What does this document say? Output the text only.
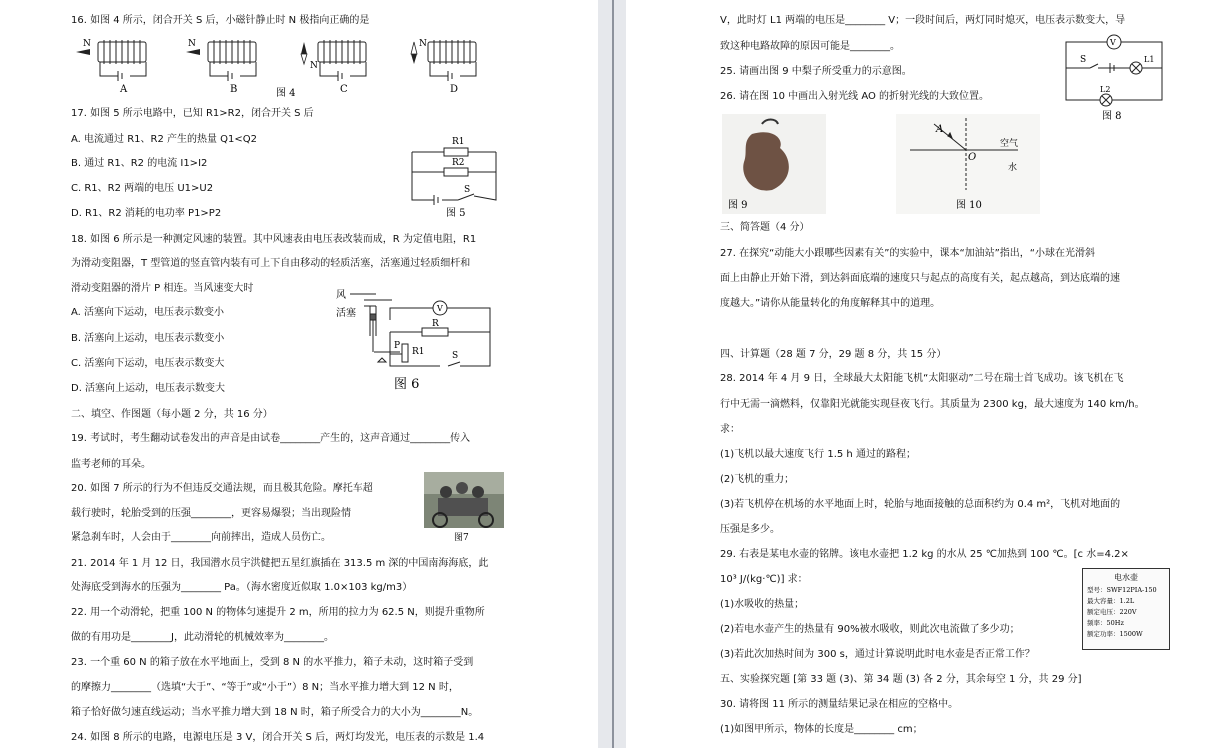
16. 如图 4 所示，闭合开关 S 后，小磁针静止时 N 极指向正确的是
N	N
N
N
A	B	C	D
图 4
17. 如图 5 所示电路中，已知 R1>R2，闭合开关 S 后
A. 电流通过 R1、R2 产生的热量 Q1<Q2
B. 通过 R1、R2 的电流 I1>I2
C. R1、R2 两端的电压 U1>U2
D. R1、R2 消耗的电功率 P1>P2
R1
R2
S
图 5
18. 如图 6 所示是一种测定风速的装置。其中风速表由电压表改装而成，R 为定值电阻，R1
为滑动变阻器，T 型管道的竖直管内装有可上下自由移动的轻质活塞，活塞通过轻质细杆和
滑动变阻器的滑片 P 相连。当风速变大时
A. 活塞向下运动，电压表示数变小
B. 活塞向上运动，电压表示数变小
C. 活塞向下运动，电压表示数变大
D. 活塞向上运动，电压表示数变大
风
活塞	V
R
R1
P
S
图 6
二、填空、作图题（每小题 2 分，共 16 分）
19. 考试时，考生翻动试卷发出的声音是由试卷________产生的，这声音通过________传入
监考老师的耳朵。
20. 如图 7 所示的行为不但违反交通法规，而且极其危险。摩托车超
载行驶时，轮胎受到的压强________，更容易爆裂；当出现险情
紧急刹车时，人会由于________向前摔出，造成人员伤亡。	图7
21. 2014 年 1 月 12 日，我国潜水员宇洪健把五星红旗插在 313.5 m 深的中国南海海底，此
处海底受到海水的压强为________ Pa。（海水密度近似取 1.0×103 kg/m3）
22. 用一个动滑轮，把重 100 N 的物体匀速提升 2 m，所用的拉力为 62.5 N，则提升重物所
做的有用功是________J，此动滑轮的机械效率为________。
23. 一个重 60 N 的箱子放在水平地面上，受到 8 N 的水平推力，箱子未动，这时箱子受到
的摩擦力________（选填“大于”、“等于”或“小于”）8 N；当水平推力增大到 12 N 时，
箱子恰好做匀速直线运动；当水平推力增大到 18 N 时，箱子所受合力的大小为________N。
24. 如图 8 所示的电路，电源电压是 3 V，闭合开关 S 后，两灯均发光，电压表的示数是 1.4
V，此时灯 L1 两端的电压是________ V；一段时间后，两灯同时熄灭，电压表示数变大，导
致这种电路故障的原因可能是________。
25. 请画出图 9 中梨子所受重力的示意图。
26. 请在图 10 中画出入射光线 AO 的折射光线的大致位置。
V
S	L1
L2
图 8
图 9
A
O
空气
水
图 10
三、简答题（4 分）
27. 在探究“动能大小跟哪些因素有关”的实验中，课本“加油站”指出，“小球在光滑斜
面上由静止开始下滑，到达斜面底端的速度只与起点的高度有关，起点越高，到达底端的速
度越大。”请你从能量转化的角度解释其中的道理。
四、计算题（28 题 7 分，29 题 8 分，共 15 分）
28. 2014 年 4 月 9 日，全球最大太阳能飞机“太阳驱动”二号在瑞士首飞成功。该飞机在飞
行中无需一滴燃料，仅靠阳光就能实现昼夜飞行。其质量为 2300 kg，最大速度为 140 km/h。
求：
(1)飞机以最大速度飞行 1.5 h 通过的路程；
(2)飞机的重力；
(3)若飞机停在机场的水平地面上时，轮胎与地面接触的总面积约为 0.4 m²，飞机对地面的
压强是多少。
29. 右表是某电水壶的铭牌。该电水壶把 1.2 kg 的水从 25 ℃加热到 100 ℃。[c 水=4.2×
10³ J/(kg·℃)] 求：
(1)水吸收的热量；
(2)若电水壶产生的热量有 90%被水吸收，则此次电流做了多少功；
(3)若此次加热时间为 300 s，通过计算说明此时电水壶是否正常工作？
五、实验探究题 [第 33 题 (3)、第 34 题 (3) 各 2 分，其余每空 1 分，共 29 分]
30. 请将图 11 所示的测量结果记录在相应的空格中。
(1)如图甲所示，物体的长度是________ cm；
电水壶
型号：SWF12PIA-150
最大容量：1.2L
额定电压：220V
频率：50Hz
额定功率：1500W
